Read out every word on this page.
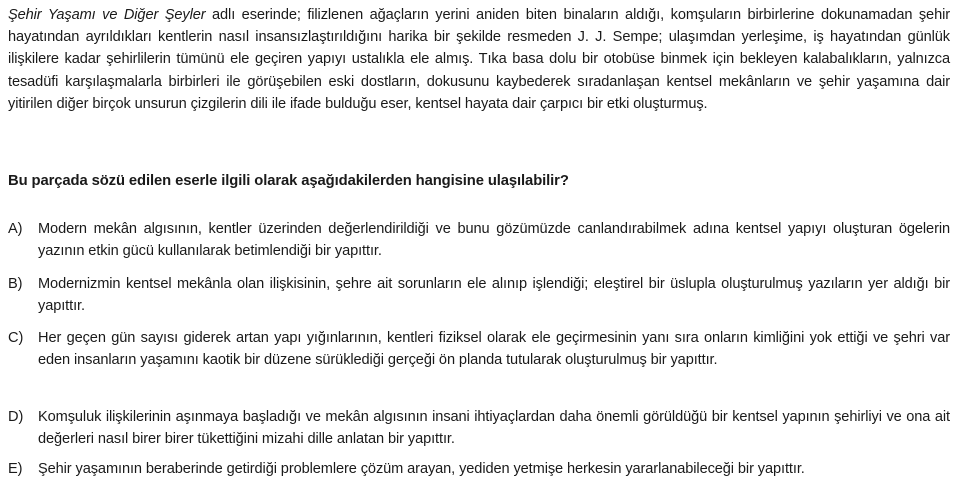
Şehir Yaşamı ve Diğer Şeyler adlı eserinde; filizlenen ağaçların yerini aniden biten binaların aldığı, komşuların birbirlerine dokunamadan şehir hayatından ayrıldıkları kentlerin nasıl insansızlaştırıldığını harika bir şekilde resmeden J. J. Sempe; ulaşımdan yerleşime, iş hayatından günlük ilişkilere kadar şehirlilerin tümünü ele geçiren yapıyı ustalıkla ele almış. Tıka basa dolu bir otobüse binmek için bekleyen kalabalıkların, yalnızca tesadüfi karşılaşmalarla birbirleri ile görüşebilen eski dostların, dokusunu kaybederek sıradanlaşan kentsel mekânların ve şehir yaşamına dair yitirilen diğer birçok unsurun çizgilerin dili ile ifade bulduğu eser, kentsel hayata dair çarpıcı bir etki oluşturmuş.

Bu parçada sözü edilen eserle ilgili olarak aşağıdakilerden hangisine ulaşılabilir?
A)	Modern mekân algısının, kentler üzerinden değerlendirildiği ve bunu gözümüzde canlandırabilmek adına kentsel yapıyı oluşturan ögelerin yazının etkin gücü kullanılarak betimlendiği bir yapıttır.
B)	Modernizmin kentsel mekânla olan ilişkisinin, şehre ait sorunların ele alınıp işlendiği; eleştirel bir üslupla oluşturulmuş yazıların yer aldığı bir yapıttır.
C)	Her geçen gün sayısı giderek artan yapı yığınlarının, kentleri fiziksel olarak ele geçirmesinin yanı sıra onların kimliğini yok ettiği ve şehri var eden insanların yaşamını kaotik bir düzene sürüklediği gerçeği ön planda tutularak oluşturulmuş bir yapıttır.
D)	Komşuluk ilişkilerinin aşınmaya başladığı ve mekân algısının insani ihtiyaçlardan daha önemli görüldüğü bir kentsel yapının şehirliyi ve ona ait değerleri nasıl birer birer tükettiğini mizahi dille anlatan bir yapıttır.
E)	Şehir yaşamının beraberinde getirdiği problemlere çözüm arayan, yediden yetmişe herkesin yararlanabileceği bir yapıttır.
